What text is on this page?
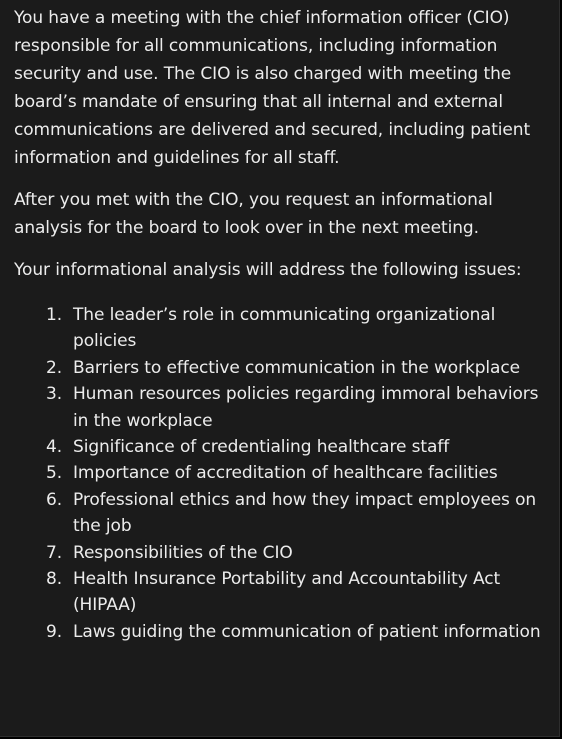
You have a meeting with the chief information officer (CIO) responsible for all communications, including information security and use. The CIO is also charged with meeting the board’s mandate of ensuring that all internal and external communications are delivered and secured, including patient information and guidelines for all staff.

After you met with the CIO, you request an informational analysis for the board to look over in the next meeting.

Your informational analysis will address the following issues:

1. The leader’s role in communicating organizational policies
2. Barriers to effective communication in the workplace
3. Human resources policies regarding immoral behaviors in the workplace
4. Significance of credentialing healthcare staff
5. Importance of accreditation of healthcare facilities
6. Professional ethics and how they impact employees on the job
7. Responsibilities of the CIO
8. Health Insurance Portability and Accountability Act (HIPAA)
9. Laws guiding the communication of patient information
